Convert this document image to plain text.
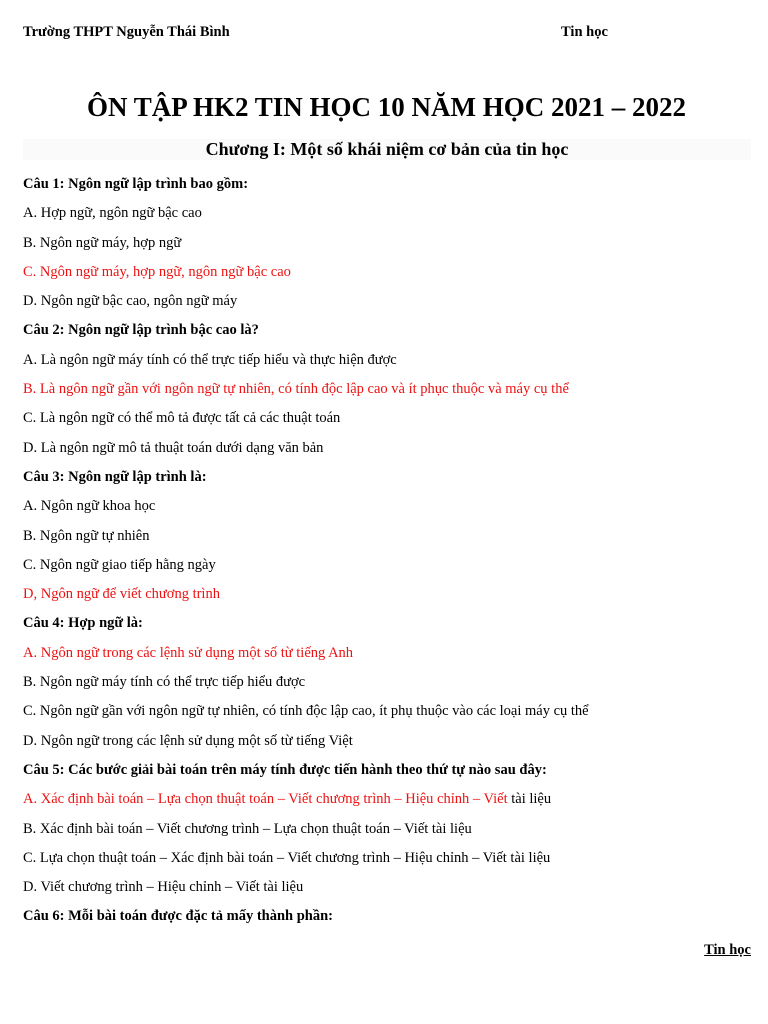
Trường THPT Nguyễn Thái Bình	Tin học
ÔN TẬP HK2 TIN HỌC 10 NĂM HỌC 2021 – 2022
Chương I: Một số khái niệm cơ bản của tin học
Câu 1: Ngôn ngữ lập trình bao gồm:
A. Hợp ngữ, ngôn ngữ bậc cao
B. Ngôn ngữ máy, hợp ngữ
C. Ngôn ngữ máy, hợp ngữ, ngôn ngữ bậc cao
D. Ngôn ngữ bậc cao, ngôn ngữ máy
Câu 2: Ngôn ngữ lập trình bậc cao là?
A. Là ngôn ngữ máy tính có thể trực tiếp hiểu và thực hiện được
B. Là ngôn ngữ gần với ngôn ngữ tự nhiên, có tính độc lập cao và ít phục thuộc và máy cụ thể
C. Là ngôn ngữ có thể mô tả được tất cả các thuật toán
D. Là ngôn ngữ mô tả thuật toán dưới dạng văn bản
Câu 3: Ngôn ngữ lập trình là:
A. Ngôn ngữ khoa học
B. Ngôn ngữ tự nhiên
C. Ngôn ngữ giao tiếp hằng ngày
D, Ngôn ngữ để viết chương trình
Câu 4: Hợp ngữ là:
A. Ngôn ngữ trong các lệnh sử dụng một số từ tiếng Anh
B. Ngôn ngữ máy tính có thể trực tiếp hiểu được
C. Ngôn ngữ gần với ngôn ngữ tự nhiên, có tính độc lập cao, ít phụ thuộc vào các loại máy cụ thể
D. Ngôn ngữ trong các lệnh sử dụng một số từ tiếng Việt
Câu 5: Các bước giải bài toán trên máy tính được tiến hành theo thứ tự nào sau đây:
A. Xác định bài toán – Lựa chọn thuật toán – Viết chương trình – Hiệu chỉnh – Viết tài liệu
B. Xác định bài toán – Viết chương trình – Lựa chọn thuật toán – Viết tài liệu
C. Lựa chọn thuật toán – Xác định bài toán – Viết chương trình – Hiệu chỉnh – Viết tài liệu
D. Viết chương trình – Hiệu chỉnh – Viết tài liệu
Câu 6: Mỗi bài toán được đặc tả mấy thành phần:
Tin học
